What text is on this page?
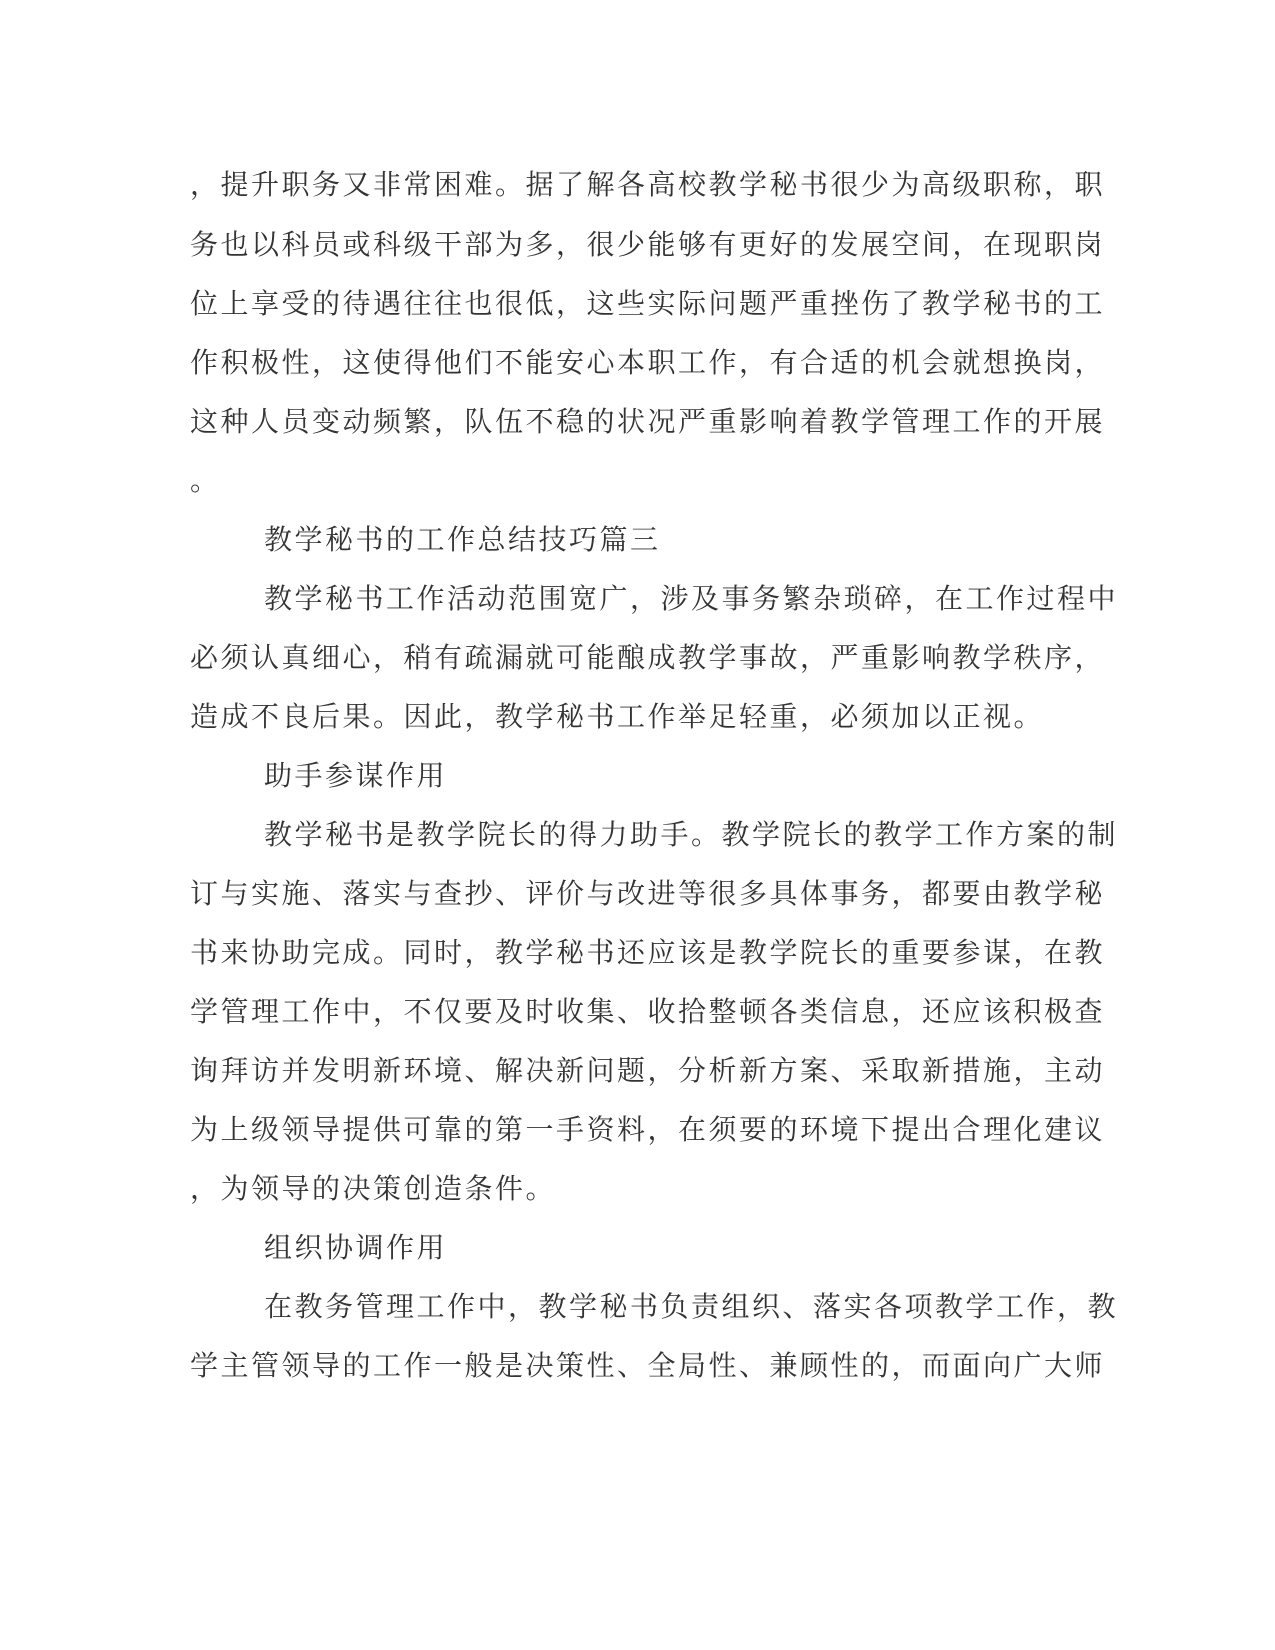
，提升职务又非常困难。据了解各高校教学秘书很少为高级职称，职

务也以科员或科级干部为多，很少能够有更好的发展空间，在现职岗

位上享受的待遇往往也很低，这些实际问题严重挫伤了教学秘书的工

作积极性，这使得他们不能安心本职工作，有合适的机会就想换岗，

这种人员变动频繁，队伍不稳的状况严重影响着教学管理工作的开展

。

教学秘书的工作总结技巧篇三

教学秘书工作活动范围宽广，涉及事务繁杂琐碎，在工作过程中

必须认真细心，稍有疏漏就可能酿成教学事故，严重影响教学秩序，

造成不良后果。因此，教学秘书工作举足轻重，必须加以正视。

助手参谋作用

教学秘书是教学院长的得力助手。教学院长的教学工作方案的制

订与实施、落实与查抄、评价与改进等很多具体事务，都要由教学秘

书来协助完成。同时，教学秘书还应该是教学院长的重要参谋，在教

学管理工作中，不仅要及时收集、收拾整顿各类信息，还应该积极查

询拜访并发明新环境、解决新问题，分析新方案、采取新措施，主动

为上级领导提供可靠的第一手资料，在须要的环境下提出合理化建议

，为领导的决策创造条件。

组织协调作用

在教务管理工作中，教学秘书负责组织、落实各项教学工作，教

学主管领导的工作一般是决策性、全局性、兼顾性的，而面向广大师
